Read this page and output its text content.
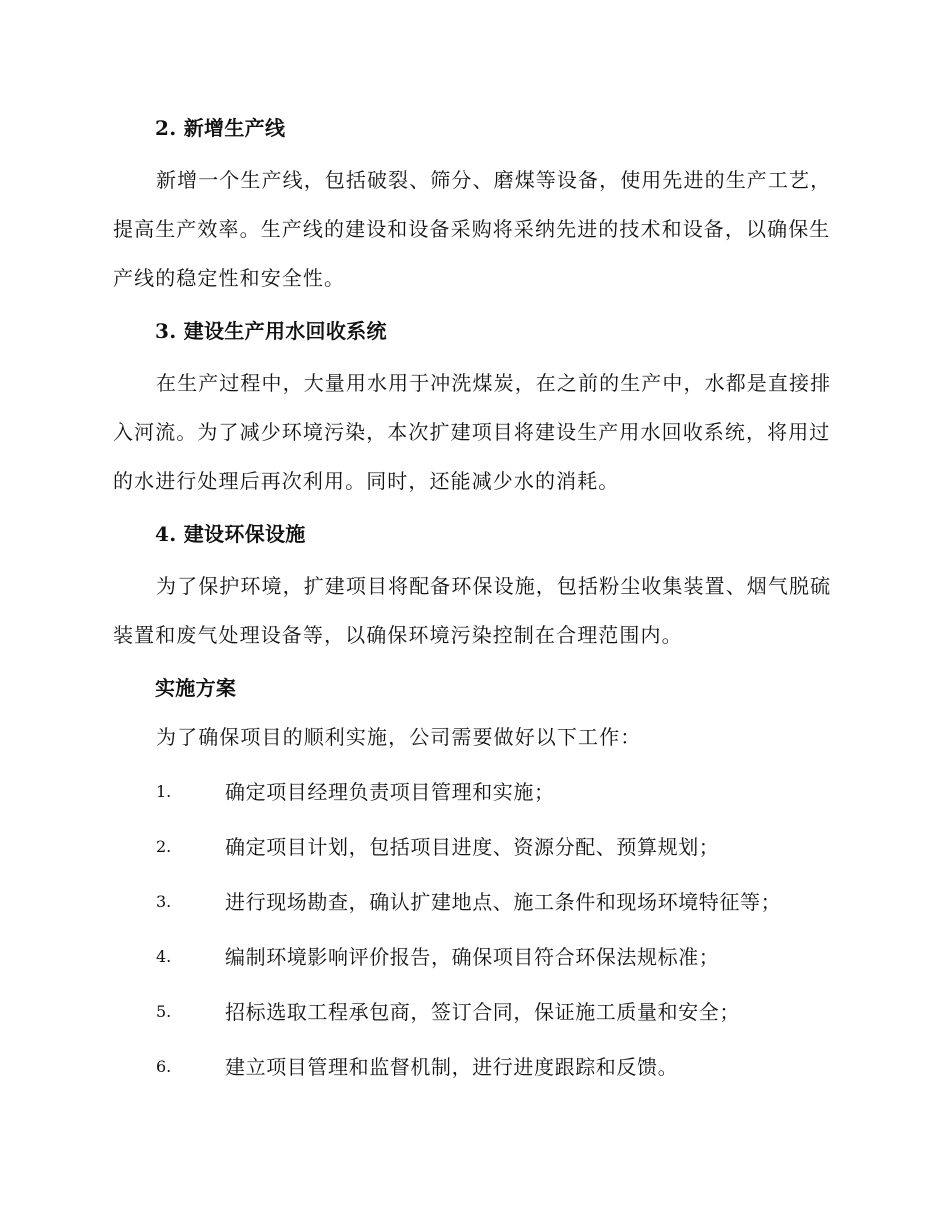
2. 新增生产线

新增一个生产线，包括破裂、筛分、磨煤等设备，使用先进的生产工艺，提高生产效率。生产线的建设和设备采购将采纳先进的技术和设备，以确保生产线的稳定性和安全性。

3. 建设生产用水回收系统

在生产过程中，大量用水用于冲洗煤炭，在之前的生产中，水都是直接排入河流。为了减少环境污染，本次扩建项目将建设生产用水回收系统，将用过的水进行处理后再次利用。同时，还能减少水的消耗。

4. 建设环保设施

为了保护环境，扩建项目将配备环保设施，包括粉尘收集装置、烟气脱硫装置和废气处理设备等，以确保环境污染控制在合理范围内。

实施方案

为了确保项目的顺利实施，公司需要做好以下工作：

1.	确定项目经理负责项目管理和实施；
2.	确定项目计划，包括项目进度、资源分配、预算规划；
3.	进行现场勘查，确认扩建地点、施工条件和现场环境特征等；
4.	编制环境影响评价报告，确保项目符合环保法规标准；
5.	招标选取工程承包商，签订合同，保证施工质量和安全；
6.	建立项目管理和监督机制，进行进度跟踪和反馈。
